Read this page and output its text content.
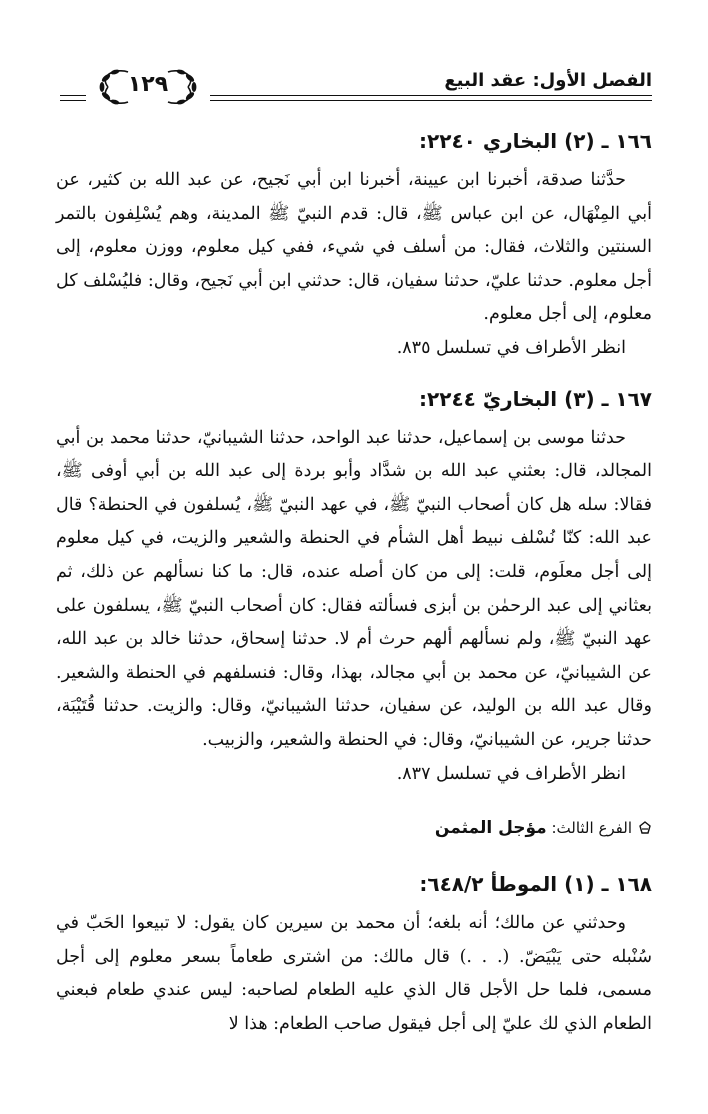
الفصل الأول: عقد البيع
١٢٩
١٦٦ ـ (٢) البخاري ٢٢٤٠:

حدَّثنا صدقة، أخبرنا ابن عيينة، أخبرنا ابن أبي نَجيح، عن عبد الله بن كثير، عن أبي المِنْهَال، عن ابن عباس ﷺ، قال: قدم النبيّ ﷺ المدينة، وهم يُسْلِفون بالتمر السنتين والثلاث، فقال: من أسلف في شيء، ففي كيل معلوم، ووزن معلوم، إلى أجل معلوم. حدثنا عليّ، حدثنا سفيان، قال: حدثني ابن أبي نَجيح، وقال: فليُسْلف كل معلوم، إلى أجل معلوم.

انظر الأطراف في تسلسل ٨٣٥.

١٦٧ ـ (٣) البخاريّ ٢٢٤٤:

حدثنا موسى بن إسماعيل، حدثنا عبد الواحد، حدثنا الشيبانيّ، حدثنا محمد بن أبي المجالد، قال: بعثني عبد الله بن شدَّاد وأبو بردة إلى عبد الله بن أبي أوفى ﷺ، فقالا: سله هل كان أصحاب النبيّ ﷺ، في عهد النبيّ ﷺ، يُسلفون في الحنطة؟ قال عبد الله: كنّا نُسْلف نبيط أهل الشأم في الحنطة والشعير والزيت، في كيل معلوم إلى أجل معلَوم، قلت: إلى من كان أصله عنده، قال: ما كنا نسألهم عن ذلك، ثم بعثاني إلى عبد الرحمٰن بن أبزى فسألته فقال: كان أصحاب النبيّ ﷺ، يسلفون على عهد النبيّ ﷺ، ولم نسألهم ألهم حرث أم لا. حدثنا إسحاق، حدثنا خالد بن عبد الله، عن الشيبانيّ، عن محمد بن أبي مجالد، بهذا، وقال: فنسلفهم في الحنطة والشعير. وقال عبد الله بن الوليد، عن سفيان، حدثنا الشيبانيّ، وقال: والزيت. حدثنا قُتَيْبَة، حدثنا جرير، عن الشيبانيّ، وقال: في الحنطة والشعير، والزبيب.

انظر الأطراف في تسلسل ٨٣٧.

الفرع الثالث: مؤجل المثمن
١٦٨ ـ (١) الموطأ ٦٤٨/٢:

وحدثني عن مالك؛ أنه بلغه؛ أن محمد بن سيرين كان يقول: لا تبيعوا الحَبّ في سُنْبله حتى يَبْيَضّ. (. . .) قال مالك: من اشترى طعاماً بسعر معلوم إلى أجل مسمى، فلما حل الأجل قال الذي عليه الطعام لصاحبه: ليس عندي طعام فبعني الطعام الذي لك عليّ إلى أجل فيقول صاحب الطعام: هذا لا
